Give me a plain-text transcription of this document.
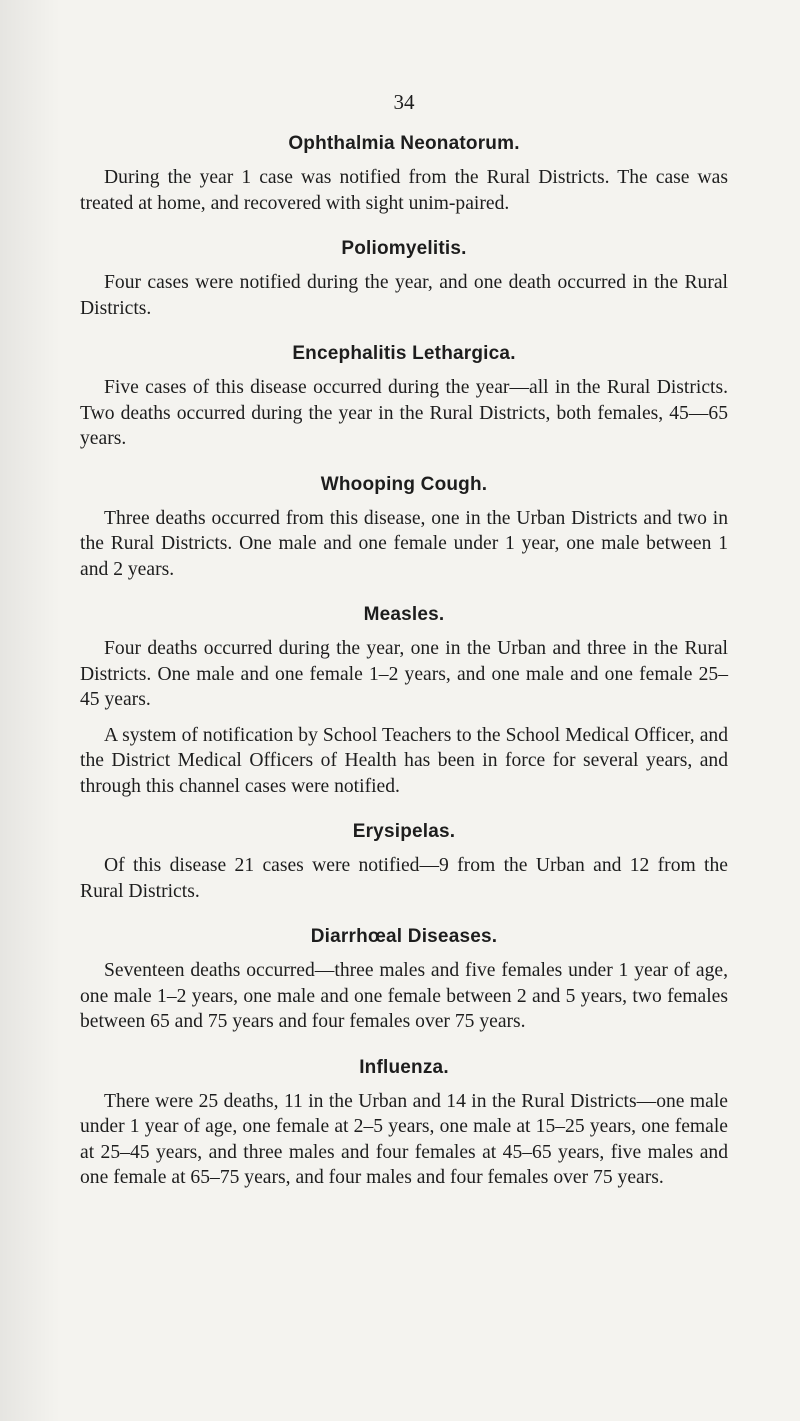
34
Ophthalmia Neonatorum.

During the year 1 case was notified from the Rural Districts. The case was treated at home, and recovered with sight unim-paired.

Poliomyelitis.

Four cases were notified during the year, and one death occurred in the Rural Districts.

Encephalitis Lethargica.

Five cases of this disease occurred during the year—all in the Rural Districts. Two deaths occurred during the year in the Rural Districts, both females, 45—65 years.

Whooping Cough.

Three deaths occurred from this disease, one in the Urban Districts and two in the Rural Districts. One male and one female under 1 year, one male between 1 and 2 years.

Measles.

Four deaths occurred during the year, one in the Urban and three in the Rural Districts. One male and one female 1–2 years, and one male and one female 25–45 years.

A system of notification by School Teachers to the School Medical Officer, and the District Medical Officers of Health has been in force for several years, and through this channel cases were notified.

Erysipelas.

Of this disease 21 cases were notified—9 from the Urban and 12 from the Rural Districts.

Diarrhœal Diseases.

Seventeen deaths occurred—three males and five females under 1 year of age, one male 1–2 years, one male and one female between 2 and 5 years, two females between 65 and 75 years and four females over 75 years.

Influenza.

There were 25 deaths, 11 in the Urban and 14 in the Rural Districts—one male under 1 year of age, one female at 2–5 years, one male at 15–25 years, one female at 25–45 years, and three males and four females at 45–65 years, five males and one female at 65–75 years, and four males and four females over 75 years.
